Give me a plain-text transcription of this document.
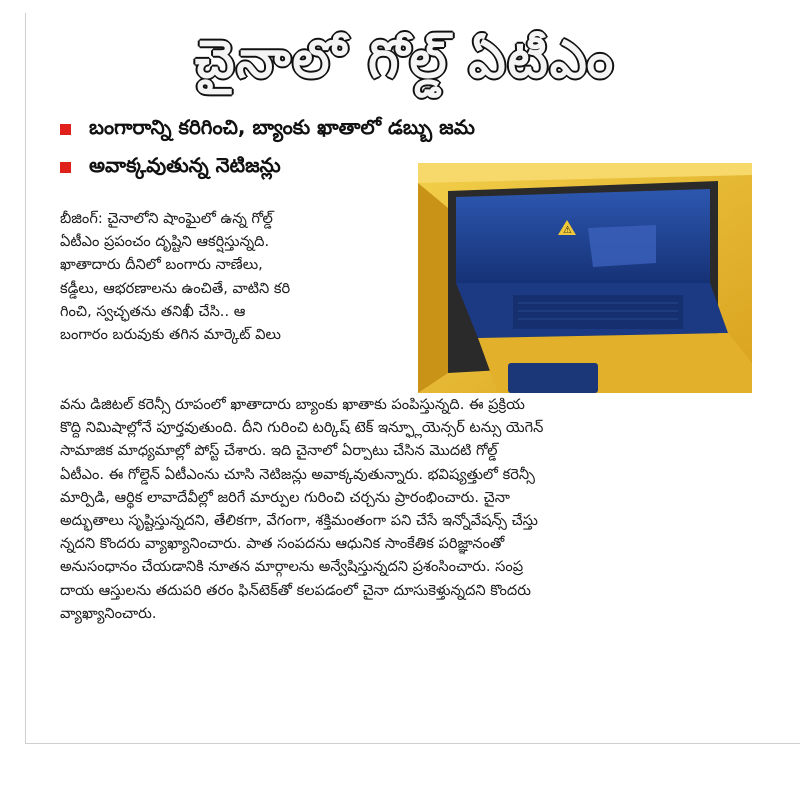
చైనాలో గోల్డ్ ఏటీఎం
బంగారాన్ని కరిగించి, బ్యాంకు ఖాతాలో డబ్బు జమ
అవాక్కవుతున్న నెటిజన్లు
⚠
బీజింగ్: చైనాలోని షాంఘైలో ఉన్న గోల్డ్
ఏటీఎం ప్రపంచం దృష్టిని ఆకర్షిస్తున్నది.
ఖాతాదారు దీనిలో బంగారు నాణేలు,
కడ్డీలు, ఆభరణాలను ఉంచితే, వాటిని కరి
గించి, స్వచ్ఛతను తనిఖీ చేసి.. ఆ
బంగారం బరువుకు తగిన మార్కెట్ విలు
వను డిజిటల్ కరెన్సీ రూపంలో ఖాతాదారు బ్యాంకు ఖాతాకు పంపిస్తున్నది. ఈ ప్రక్రియ
కొద్ది నిమిషాల్లోనే పూర్తవుతుంది. దీని గురించి టర్కిష్ టెక్ ఇన్ఫ్లూయెన్సర్ టన్సు యెగెన్
సామాజిక మాధ్యమాల్లో పోస్ట్ చేశారు. ఇది చైనాలో ఏర్పాటు చేసిన మొదటి గోల్డ్
ఏటీఎం. ఈ గోల్డెన్ ఏటీఎంను చూసి నెటిజన్లు అవాక్కవుతున్నారు. భవిష్యత్తులో కరెన్సీ
మార్పిడి, ఆర్థిక లావాదేవీల్లో జరిగే మార్పుల గురించి చర్చను ప్రారంభించారు. చైనా
అద్భుతాలు సృష్టిస్తున్నదని, తేలికగా, వేగంగా, శక్తిమంతంగా పని చేసే ఇన్నోవేషన్స్ చేస్తు
న్నదని కొందరు వ్యాఖ్యానించారు. పాత సంపదను ఆధునిక సాంకేతిక పరిజ్ఞానంతో
అనుసంధానం చేయడానికి నూతన మార్గాలను అన్వేషిస్తున్నదని ప్రశంసించారు. సంప్ర
దాయ ఆస్తులను తదుపరి తరం ఫిన్‌టెక్‌తో కలపడంలో చైనా దూసుకెళ్తున్నదని కొందరు
వ్యాఖ్యానించారు.
